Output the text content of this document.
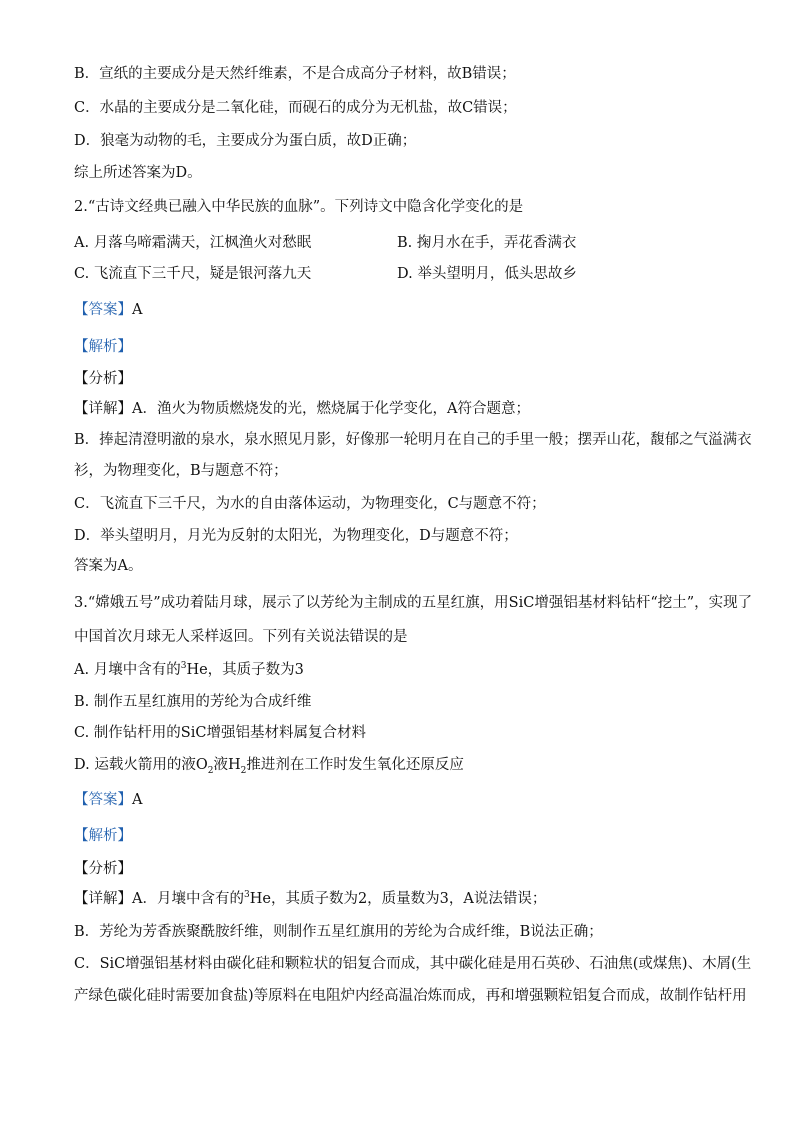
B．宣纸的主要成分是天然纤维素，不是合成高分子材料，故B错误；
C．水晶的主要成分是二氧化硅，而砚石的成分为无机盐，故C错误；
D．狼毫为动物的毛，主要成分为蛋白质，故D正确；
综上所述答案为D。
2.“古诗文经典已融入中华民族的血脉”。下列诗文中隐含化学变化的是
A. 月落乌啼霜满天，江枫渔火对愁眠	B. 掬月水在手，弄花香满衣
C. 飞流直下三千尺，疑是银河落九天	D. 举头望明月，低头思故乡
【答案】A
【解析】
【分析】
【详解】A．渔火为物质燃烧发的光，燃烧属于化学变化，A符合题意；
B．捧起清澄明澈的泉水，泉水照见月影，好像那一轮明月在自己的手里一般；摆弄山花，馥郁之气溢满衣
衫，为物理变化，B与题意不符；
C．飞流直下三千尺，为水的自由落体运动，为物理变化，C与题意不符；
D．举头望明月，月光为反射的太阳光，为物理变化，D与题意不符；
答案为A。
3.“嫦娥五号”成功着陆月球，展示了以芳纶为主制成的五星红旗，用SiC增强铝基材料钻杆“挖土”，实现了
中国首次月球无人采样返回。下列有关说法错误的是
A. 月壤中含有的$^3$He，其质子数为3
B. 制作五星红旗用的芳纶为合成纤维
C. 制作钻杆用的SiC增强铝基材料属复合材料
D. 运载火箭用的液$O_2$液$H_2$推进剂在工作时发生氧化还原反应
【答案】A
【解析】
【分析】
【详解】A．月壤中含有的$^3$He，其质子数为2，质量数为3，A说法错误；
B．芳纶为芳香族聚酰胺纤维，则制作五星红旗用的芳纶为合成纤维，B说法正确；
C．SiC增强铝基材料由碳化硅和颗粒状的铝复合而成，其中碳化硅是用石英砂、石油焦(或煤焦)、木屑(生
产绿色碳化硅时需要加食盐)等原料在电阻炉内经高温冶炼而成，再和增强颗粒铝复合而成，故制作钻杆用
